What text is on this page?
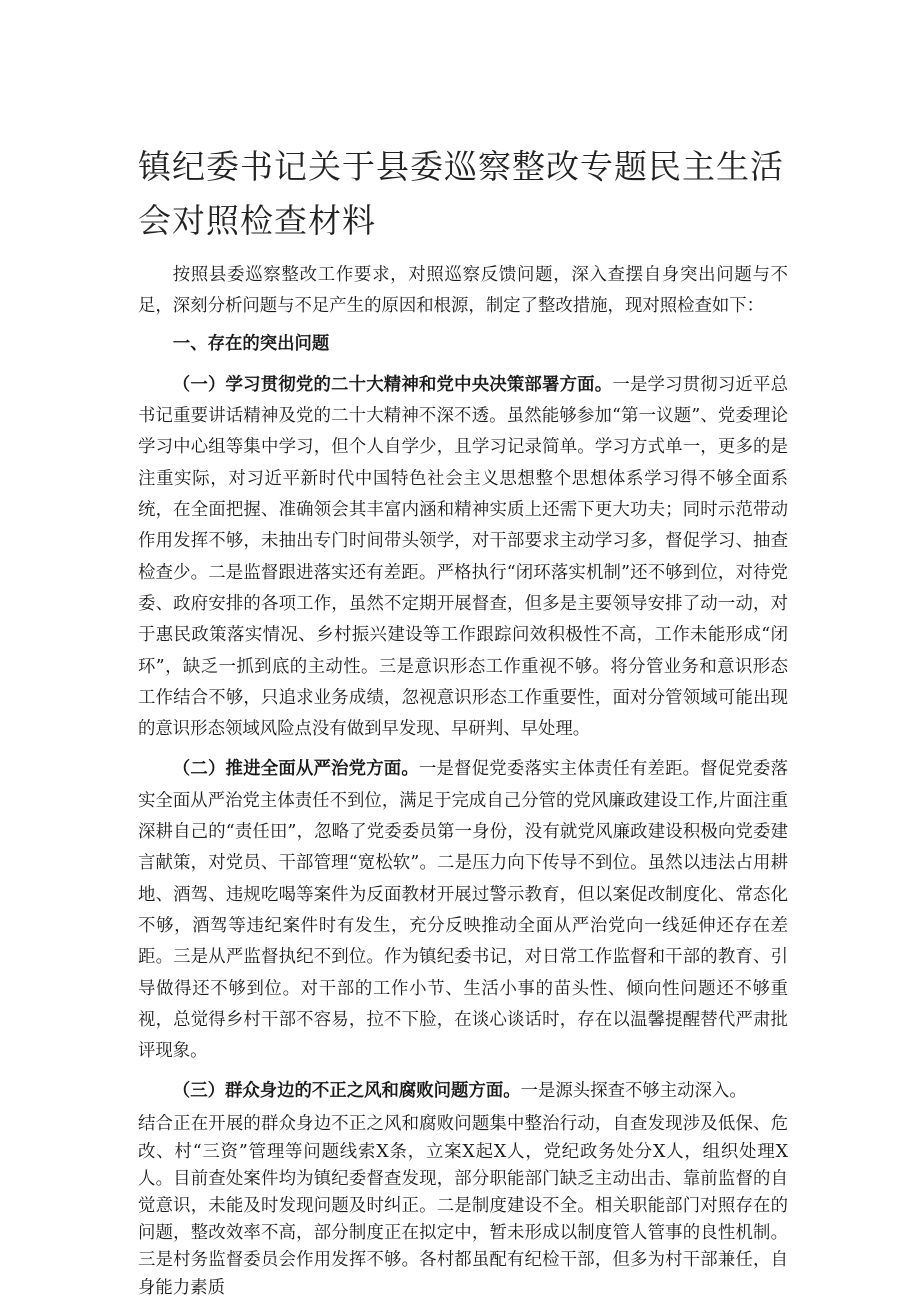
镇纪委书记关于县委巡察整改专题民主生活会对照检查材料

按照县委巡察整改工作要求，对照巡察反馈问题，深入查摆自身突出问题与不足，深刻分析问题与不足产生的原因和根源，制定了整改措施，现对照检查如下：

一、存在的突出问题

（一）学习贯彻党的二十大精神和党中央决策部署方面。一是学习贯彻习近平总书记重要讲话精神及党的二十大精神不深不透。虽然能够参加“第一议题”、党委理论学习中心组等集中学习，但个人自学少，且学习记录简单。学习方式单一，更多的是注重实际，对习近平新时代中国特色社会主义思想整个思想体系学习得不够全面系统，在全面把握、准确领会其丰富内涵和精神实质上还需下更大功夫；同时示范带动作用发挥不够，未抽出专门时间带头领学，对干部要求主动学习多，督促学习、抽查检查少。二是监督跟进落实还有差距。严格执行“闭环落实机制”还不够到位，对待党委、政府安排的各项工作，虽然不定期开展督查，但多是主要领导安排了动一动，对于惠民政策落实情况、乡村振兴建设等工作跟踪问效积极性不高，工作未能形成“闭环”，缺乏一抓到底的主动性。三是意识形态工作重视不够。将分管业务和意识形态工作结合不够，只追求业务成绩，忽视意识形态工作重要性，面对分管领域可能出现的意识形态领域风险点没有做到早发现、早研判、早处理。

（二）推进全面从严治党方面。一是督促党委落实主体责任有差距。督促党委落实全面从严治党主体责任不到位，满足于完成自己分管的党风廉政建设工作,片面注重深耕自己的“责任田”，忽略了党委委员第一身份，没有就党风廉政建设积极向党委建言献策，对党员、干部管理“宽松软”。二是压力向下传导不到位。虽然以违法占用耕地、酒驾、违规吃喝等案件为反面教材开展过警示教育，但以案促改制度化、常态化不够，酒驾等违纪案件时有发生，充分反映推动全面从严治党向一线延伸还存在差距。三是从严监督执纪不到位。作为镇纪委书记，对日常工作监督和干部的教育、引导做得还不够到位。对干部的工作小节、生活小事的苗头性、倾向性问题还不够重视，总觉得乡村干部不容易，拉不下脸，在谈心谈话时，存在以温馨提醒替代严肃批评现象。

（三）群众身边的不正之风和腐败问题方面。一是源头探查不够主动深入。

结合正在开展的群众身边不正之风和腐败问题集中整治行动，自查发现涉及低保、危改、村“三资”管理等问题线索X条，立案X起X人，党纪政务处分X人，组织处理X人。目前查处案件均为镇纪委督查发现，部分职能部门缺乏主动出击、靠前监督的自觉意识，未能及时发现问题及时纠正。二是制度建设不全。相关职能部门对照存在的问题，整改效率不高，部分制度正在拟定中，暂未形成以制度管人管事的良性机制。三是村务监督委员会作用发挥不够。各村都虽配有纪检干部，但多为村干部兼任，自身能力素质
